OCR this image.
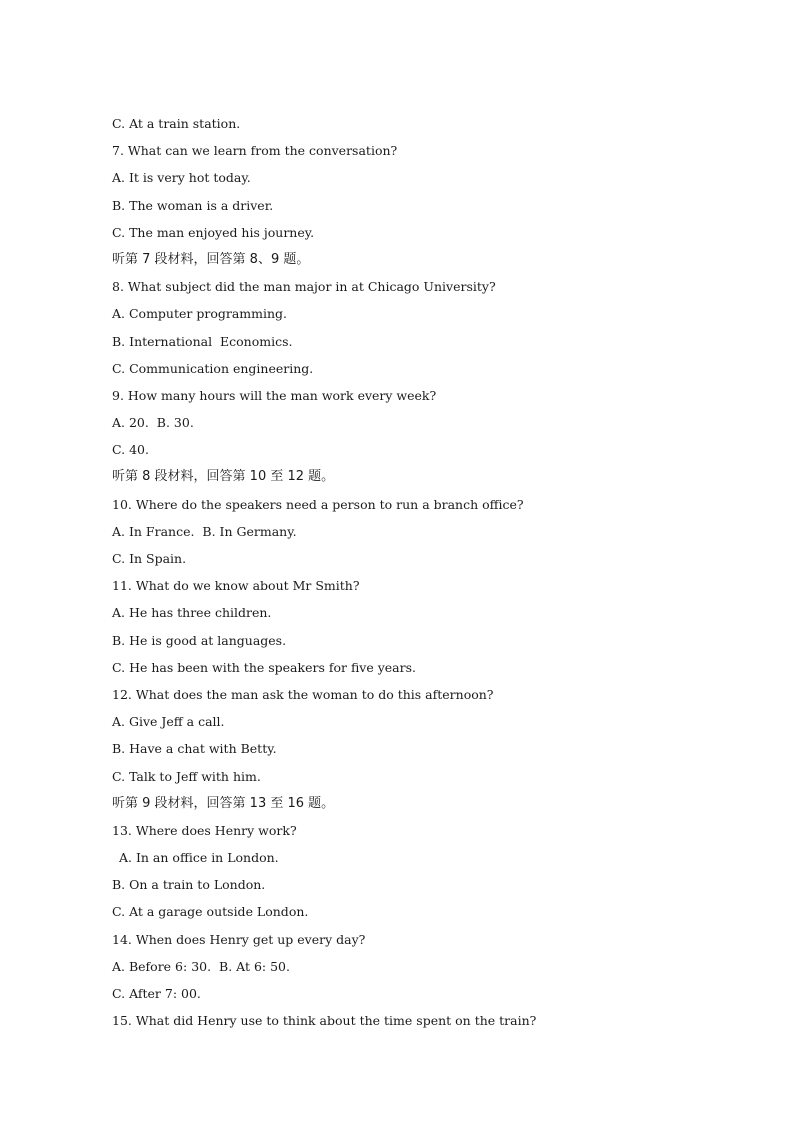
C. At a train station.
7. What can we learn from the conversation?
A. It is very hot today.
B. The woman is a driver.
C. The man enjoyed his journey.
听第 7 段材料，回答第 8、9 题。
8. What subject did the man major in at Chicago University?
A. Computer programming.
B. International  Economics.
C. Communication engineering.
9. How many hours will the man work every week?
A. 20.  B. 30.
C. 40.
听第 8 段材料，回答第 10 至 12 题。
10. Where do the speakers need a person to run a branch office?
A. In France.  B. In Germany.
C. In Spain.
11. What do we know about Mr Smith?
A. He has three children.
B. He is good at languages.
C. He has been with the speakers for five years.
12. What does the man ask the woman to do this afternoon?
A. Give Jeff a call.
B. Have a chat with Betty.
C. Talk to Jeff with him.
听第 9 段材料，回答第 13 至 16 题。
13. Where does Henry work?
A. In an office in London.
B. On a train to London.
C. At a garage outside London.
14. When does Henry get up every day?
A. Before 6: 30.  B. At 6: 50.
C. After 7: 00.
15. What did Henry use to think about the time spent on the train?
